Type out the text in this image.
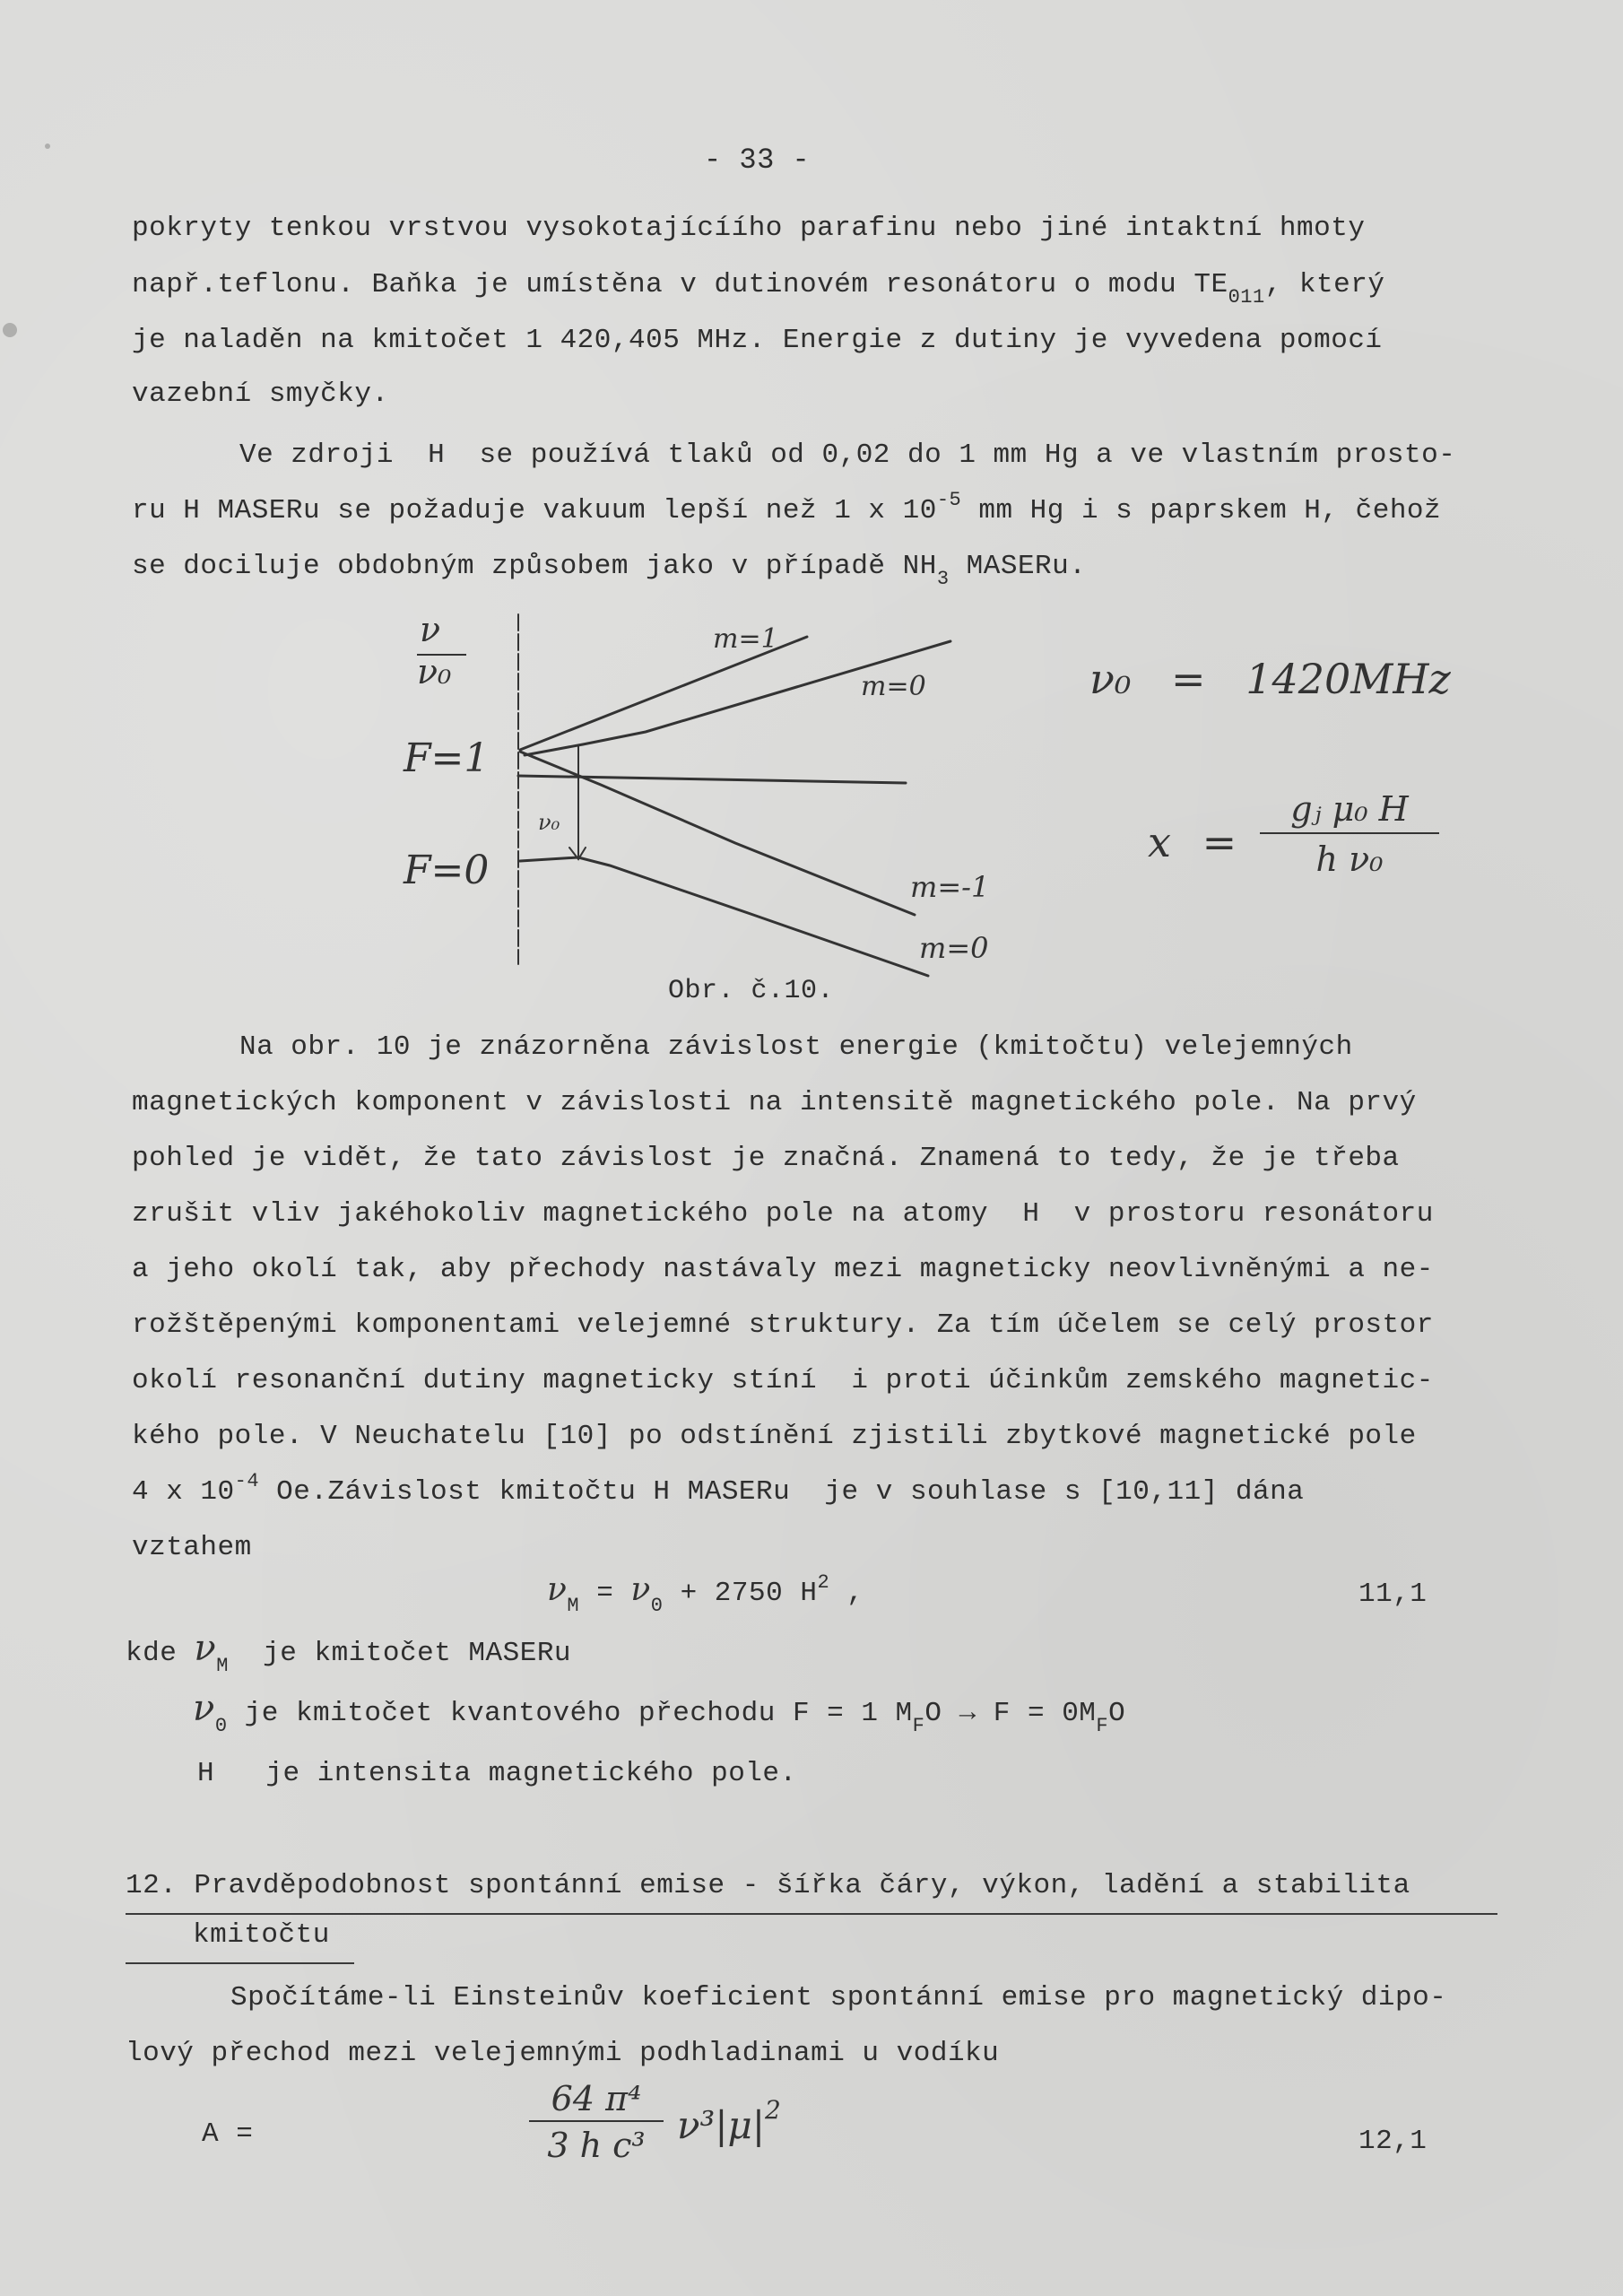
- 33 -
pokryty tenkou vrstvou vysokotajícíího parafinu nebo jiné intaktní hmoty
např.teflonu. Baňka je umístěna v dutinovém resonátoru o modu $TE_{011}$, který
je naladěn na kmitočet 1 420,405 MHz. Energie z dutiny je vyvedena pomocí
vazební smyčky.
Ve zdroji  H  se používá tlaků od 0,02 do 1 mm Hg a ve vlastním prosto-
ru H MASERu se požaduje vakuum lepší než 1 x $10^{-5}$ mm Hg i s paprskem H, čehož
se dociluje obdobným způsobem jako v případě $NH_3$ MASERu.
ν
ν₀
F=1
F=0
ν₀
m=1
m=0
m=-1
m=0
Obr. č.10.
ν₀ = 1420MHz
$x = \frac{\text{gⱼ μ₀ H}}{\text{h ν₀}}$
Na obr. 10 je znázorněna závislost energie (kmitočtu) velejemných
magnetických komponent v závislosti na intensitě magnetického pole. Na prvý
pohled je vidět, že tato závislost je značná. Znamená to tedy, že je třeba
zrušit vliv jakéhokoliv magnetického pole na atomy  H  v prostoru resonátoru
a jeho okolí tak, aby přechody nastávaly mezi magneticky neovlivněnými a ne-
rožštěpenými komponentami velejemné struktury. Za tím účelem se celý prostor
okolí resonanční dutiny magneticky stíní  i proti účinkům zemského magnetic-
kého pole. V Neuchatelu [10] po odstínění zjistili zbytkové magnetické pole
4 x $10^{-4}$ Oe.Závislost kmitočtu H MASERu  je v souhlase s [10,11] dána
vztahem
$\nu_M = \nu_0 + 2750$ $H^2$ ,	11,1
kde $\nu_M$ je kmitočet MASERu
$\nu_0$ je kmitočet kvantového přechodu F = 1 $M_FO \to F = 0M_FO$
H je intensita magnetického pole.
12. Pravděpodobnost spontánní emise - šířka čáry, výkon, ladění a stabilita
kmitočtu
Spočítáme-li Einsteinův koeficient spontánní emise pro magnetický dipo-
lový přechod mezi velejemnými podhladinami u vodíku
A =	$\frac{\text{64 π⁴}}{\text{3 h c³}} \nu^3|\mu|^2$
12,1
